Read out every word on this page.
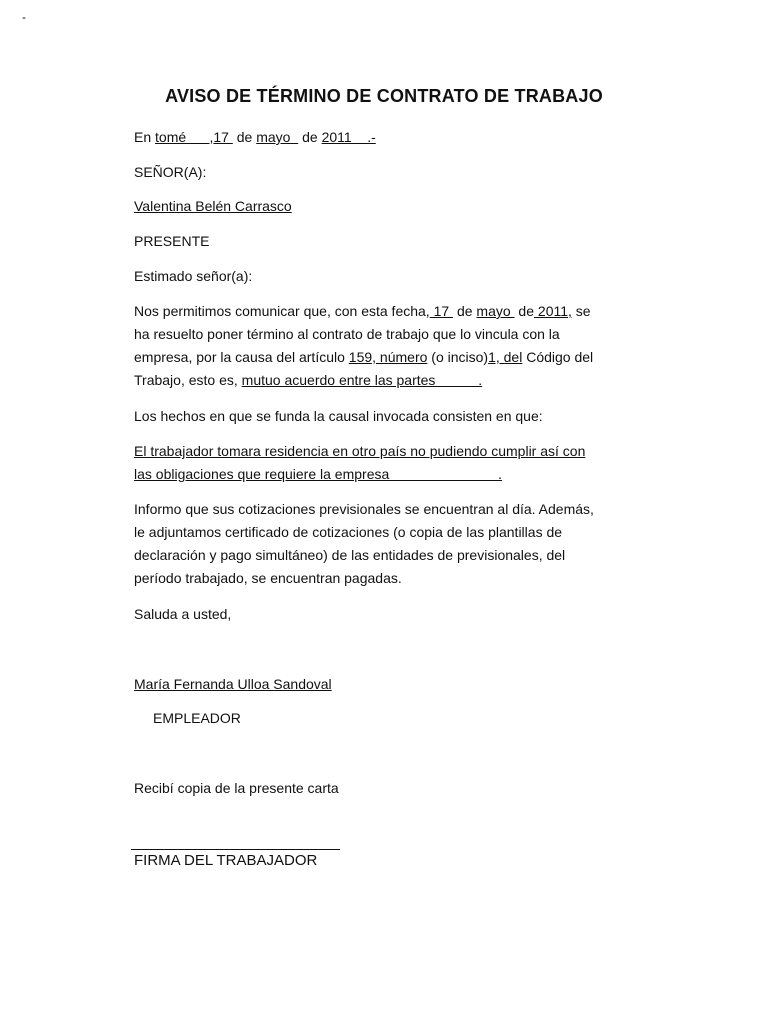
-
AVISO DE TÉRMINO DE CONTRATO DE TRABAJO
En tomé      ,17  de mayo   de 2011    .-
SEÑOR(A):
Valentina Belén Carrasco
PRESENTE
Estimado señor(a):

Nos permitimos comunicar que, con esta fecha, 17  de mayo  de 2011, se

ha resuelto poner término al contrato de trabajo que lo vincula con la

empresa, por la causa del artículo 159, número (o inciso)1, del Código del

Trabajo, esto es, mutuo acuerdo entre las partes           .

Los hechos en que se funda la causal invocada consisten en que:

El trabajador tomara residencia en otro país no pudiendo cumplir así con

las obligaciones que requiere la empresa                            .

Informo que sus cotizaciones previsionales se encuentran al día. Además,

le adjuntamos certificado de cotizaciones (o copia de las plantillas de

declaración y pago simultáneo) de las entidades de previsionales, del

período trabajado, se encuentran pagadas.

Saluda a usted,
María Fernanda Ulloa Sandoval
EMPLEADOR
Recibí copia de la presente carta
FIRMA DEL TRABAJADOR
